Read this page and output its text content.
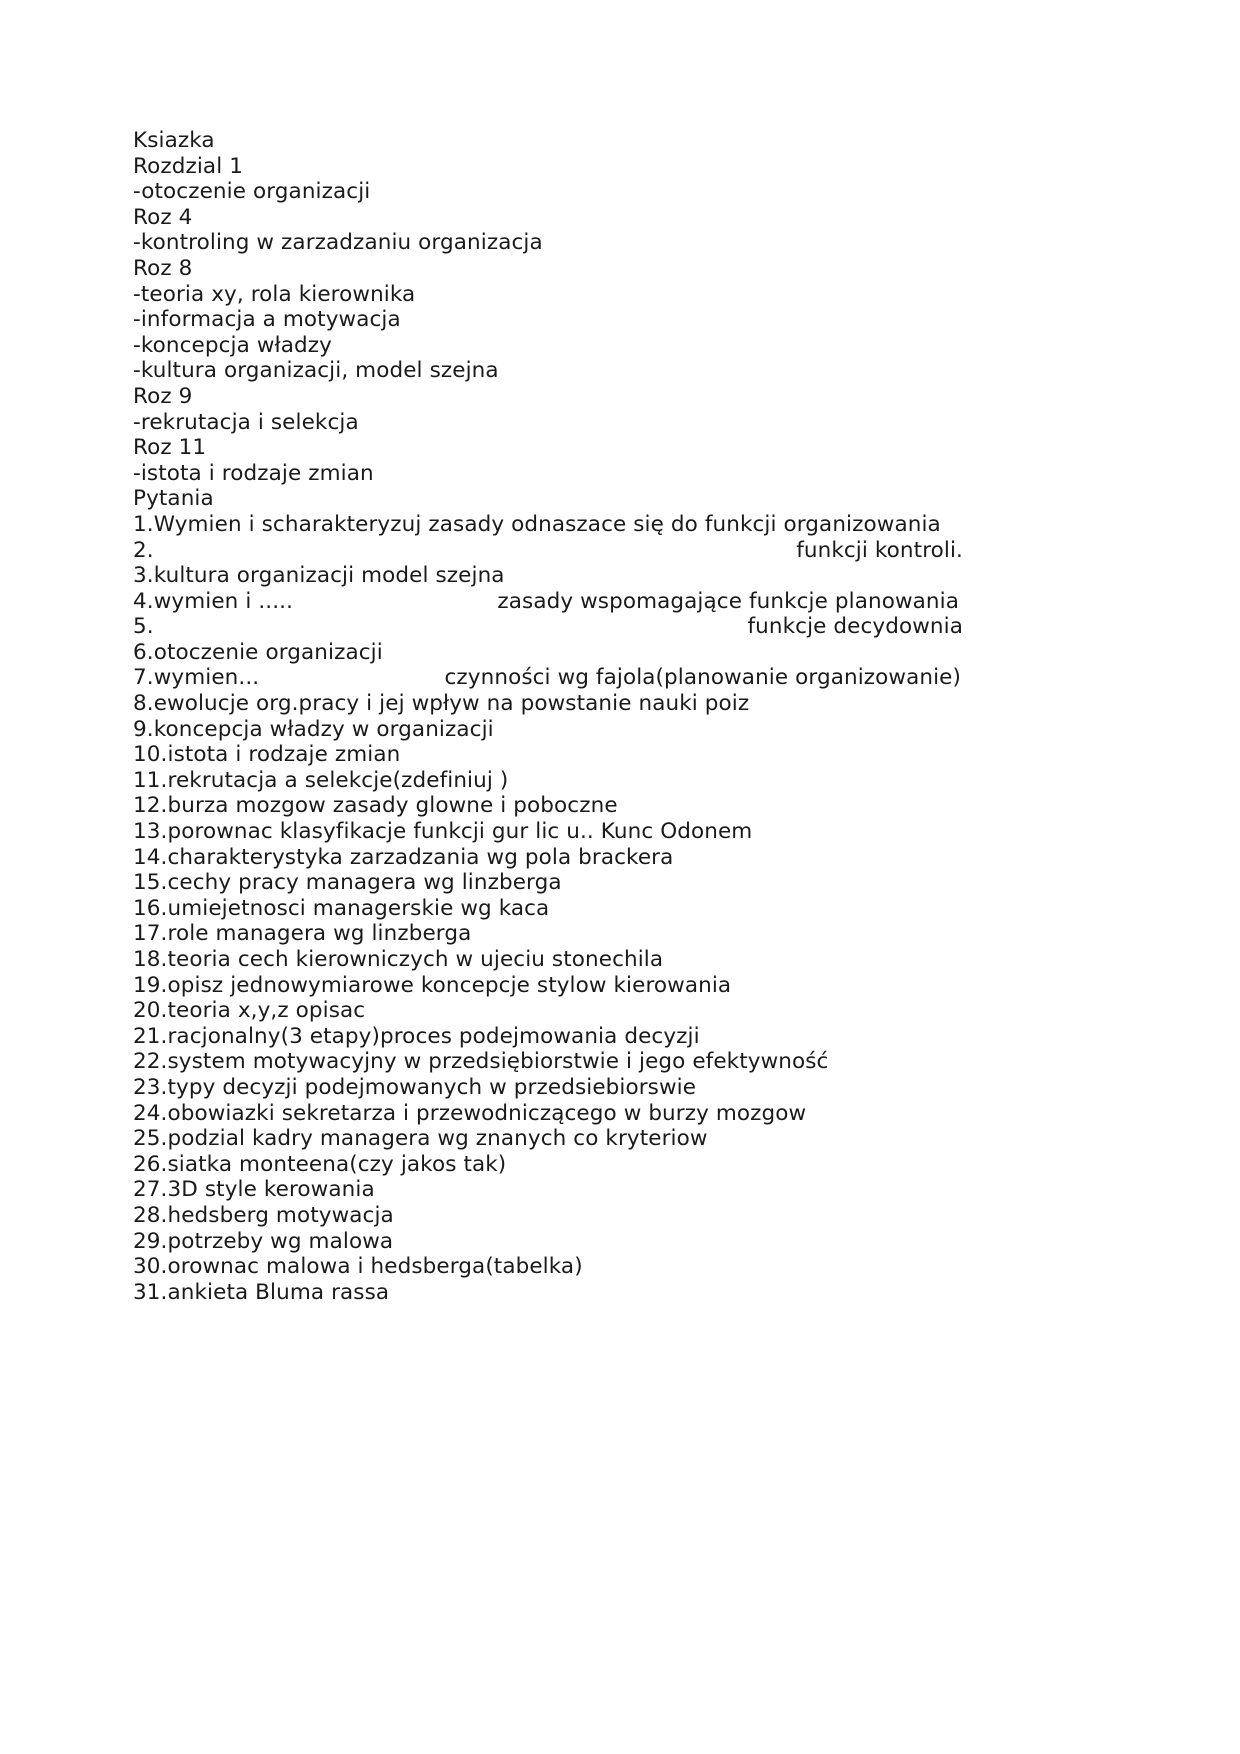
Ksiazka
Rozdzial 1
-otoczenie organizacji
Roz 4
-kontroling w zarzadzaniu organizacja
Roz 8
-teoria xy, rola kierownika
-informacja a motywacja
-koncepcja władzy
-kultura organizacji, model szejna
Roz 9
-rekrutacja i selekcja
Roz 11
-istota i rodzaje zmian
Pytania
1.Wymien i scharakteryzuj zasady odnaszace się do funkcji organizowania
2.	funkcji kontroli.
3.kultura organizacji model szejna
4.wymien i .....	zasady wspomagające funkcje planowania
5.	funkcje decydownia
6.otoczenie organizacji
7.wymien...	czynności wg fajola(planowanie organizowanie)
8.ewolucje org.pracy i jej wpływ na powstanie nauki poiz
9.koncepcja władzy w organizacji
10.istota i rodzaje zmian
11.rekrutacja a selekcje(zdefiniuj )
12.burza mozgow zasady glowne i poboczne
13.porownac klasyfikacje funkcji gur lic u.. Kunc Odonem
14.charakterystyka zarzadzania wg pola brackera
15.cechy pracy managera wg linzberga
16.umiejetnosci managerskie wg kaca
17.role managera wg linzberga
18.teoria cech kierowniczych w ujeciu stonechila
19.opisz jednowymiarowe koncepcje stylow kierowania
20.teoria x,y,z opisac
21.racjonalny(3 etapy)proces podejmowania decyzji
22.system motywacyjny w przedsiębiorstwie i jego efektywność
23.typy decyzji podejmowanych w przedsiebiorswie
24.obowiazki sekretarza i przewodniczącego w burzy mozgow
25.podzial kadry managera wg znanych co kryteriow
26.siatka monteena(czy jakos tak)
27.3D style kerowania
28.hedsberg motywacja
29.potrzeby wg malowa
30.orownac malowa i hedsberga(tabelka)
31.ankieta Bluma rassa
